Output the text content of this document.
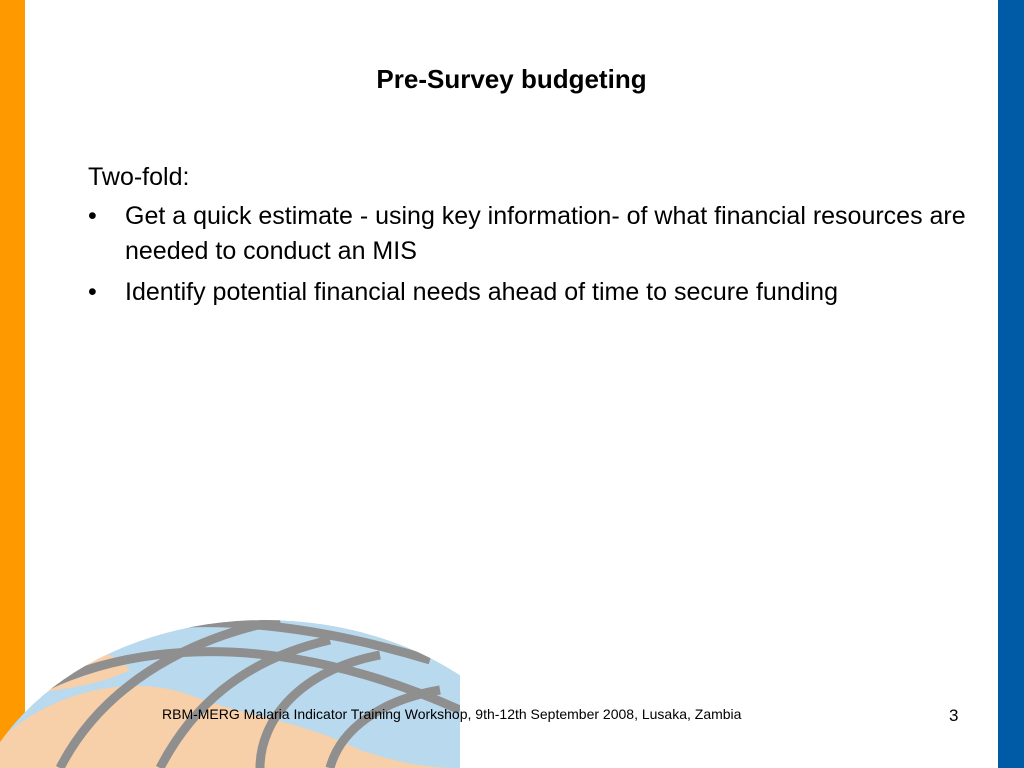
Pre-Survey budgeting

Two-fold:

• Get a quick estimate - using key information- of what financial resources are needed to conduct an MIS
• Identify potential financial needs ahead of time to secure funding
RBM-MERG Malaria Indicator Training Workshop, 9th-12th September 2008, Lusaka, Zambia	3
